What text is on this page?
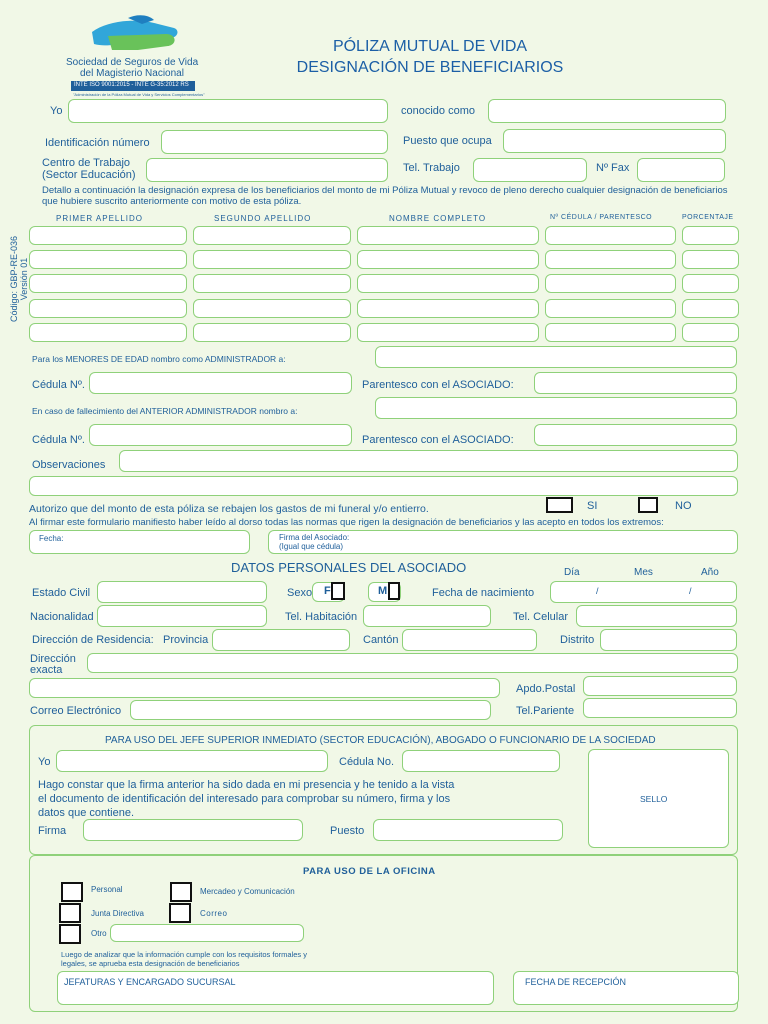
Sociedad de Seguros de Vida
del Magisterio Nacional
INTE ISO 9001:2015 - INTE G-35:2012 RS
"Administración de la Póliza Mutual de Vida y Servicios Complementarios"
PÓLIZA MUTUAL DE VIDA
DESIGNACIÓN DE BENEFICIARIOS
Código: GBP-RE-036 Versión 01
Yo	conocido como
Identificación número	Puesto que ocupa
Centro de Trabajo
(Sector Educación)
Tel. Trabajo	Nº Fax
Detallo a continuación la designación expresa de los beneficiarios del monto de mi Póliza Mutual y revoco de pleno derecho cualquier designación de beneficiarios que hubiere suscrito anteriormente con motivo de esta póliza.
PRIMER APELLIDO	SEGUNDO APELLIDO	NOMBRE COMPLETO	Nº CÉDULA / PARENTESCO	PORCENTAJE
Para los MENORES DE EDAD nombro como ADMINISTRADOR a:
Cédula Nº.	Parentesco con el ASOCIADO:
En caso de fallecimiento del ANTERIOR ADMINISTRADOR nombro a:
Cédula Nº.	Parentesco con el ASOCIADO:
Observaciones
Autorizo que del monto de esta póliza se rebajen los gastos de mi funeral y/o entierro.	SI	NO
Al firmar este formulario manifiesto haber leído al dorso todas las normas que rigen la designación de beneficiarios y las acepto en todos los extremos:
Fecha:	Firma del Asociado:
(Igual que cédula)
DATOS PERSONALES DEL ASOCIADO	Día	Mes	Año
Estado Civil	Sexo F	M	Fecha de nacimiento	/	/
Nacionalidad	Tel. Habitación	Tel. Celular
Dirección de Residencia: Provincia	Cantón	Distrito
Dirección
exacta
Apdo.Postal
Correo Electrónico	Tel.Pariente
PARA USO DEL JEFE SUPERIOR INMEDIATO (SECTOR EDUCACIÓN), ABOGADO O FUNCIONARIO DE LA SOCIEDAD
Yo	Cédula No.
Hago constar que la firma anterior ha sido dada en mi presencia y he tenido a la vista
el documento de identificación del interesado para comprobar su número, firma y los
datos que contiene.
Firma	Puesto
SELLO
PARA USO DE LA OFICINA
Personal	Mercadeo y Comunicación
Junta Directiva	Correo
Otro
Luego de analizar que la información cumple con los requisitos formales y
legales, se aprueba esta designación de beneficiarios
JEFATURAS Y ENCARGADO SUCURSAL	FECHA DE RECEPCIÓN
